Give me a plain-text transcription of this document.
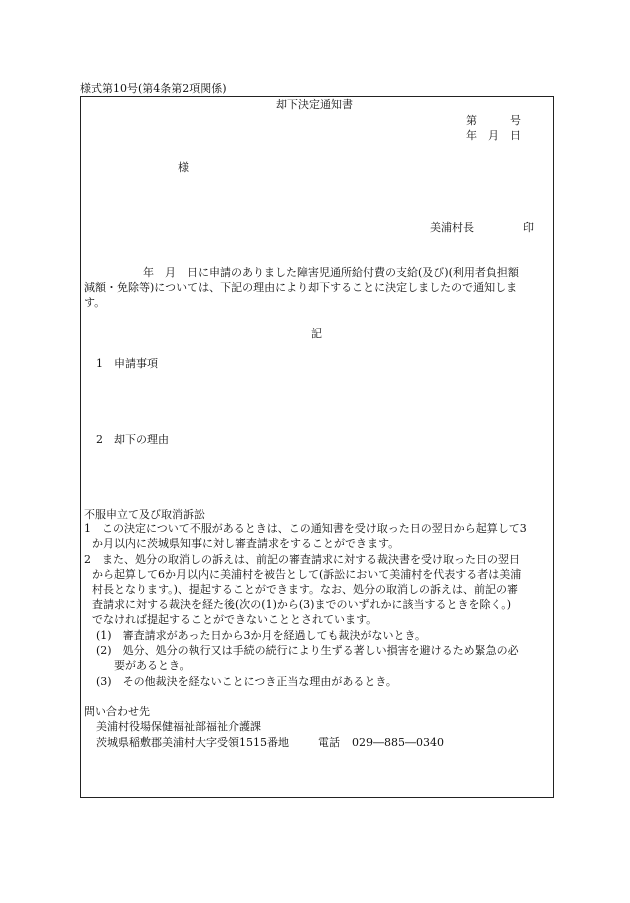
様式第10号(第4条第2項関係)
却下決定通知書
第　　　号
年　月　日
様
美浦村長	印
年　月　日に申請のありました障害児通所給付費の支給(及び)(利用者負担額
減額・免除等)については、下記の理由により却下することに決定しましたので通知しま
す。
記
1　申請事項
2　却下の理由
不服申立て及び取消訴訟
1　この決定について不服があるときは、この通知書を受け取った日の翌日から起算して3
か月以内に茨城県知事に対し審査請求をすることができます。
2　また、処分の取消しの訴えは、前記の審査請求に対する裁決書を受け取った日の翌日
から起算して6か月以内に美浦村を被告として(訴訟において美浦村を代表する者は美浦
村長となります。)、提起することができます。なお、処分の取消しの訴えは、前記の審
査請求に対する裁決を経た後(次の(1)から(3)までのいずれかに該当するときを除く。)
でなければ提起することができないこととされています。
(1)　審査請求があった日から3か月を経過しても裁決がないとき。
(2)　処分、処分の執行又は手続の続行により生ずる著しい損害を避けるため緊急の必
要があるとき。
(3)　その他裁決を経ないことにつき正当な理由があるとき。
問い合わせ先
美浦村役場保健福祉部福祉介護課
茨城県稲敷郡美浦村大字受領1515番地	電話 029―885―0340
